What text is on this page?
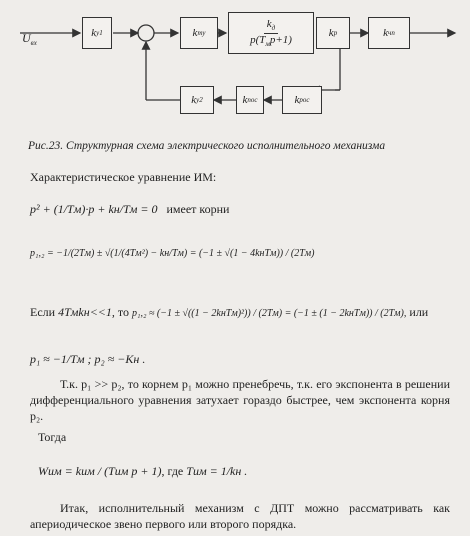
$U_{вх}$
k у1	k ту	$\frac{k_д}{p(T_мp+1)}$	k р	k чп
k рос
k пос
k у2
Рис.23. Структурная схема электрического исполнительного механизма
Характеристическое уравнение ИМ:
p² + (1/Tм)·p + kн/Tм = 0 имеет корни
p₁,₂ = −1/(2Tм) ± √(1/(4Tм²) − kн/Tм) = (−1 ± √(1 − 4kнTм)) / (2Tм)
Если 4Tмkн<<1, то p₁,₂ ≈ (−1 ± √((1 − 2kнTм)²)) / (2Tм) = (−1 ± (1 − 2kнTм)) / (2Tм), или
p₁ ≈ −1/Tм ; p₂ ≈ −Kн .
Т.к. p₁ >> p₂, то корнем p₁ можно пренебречь, т.к. его экспонента в решении дифференциального уравнения затухает гораздо быстрее, чем экспонента корня p₂.
Тогда
Wим = kим / (Tим p + 1), где Tим = 1/kн .
Итак, исполнительный механизм с ДПТ можно рассматривать как апериодическое звено первого или второго порядка.
